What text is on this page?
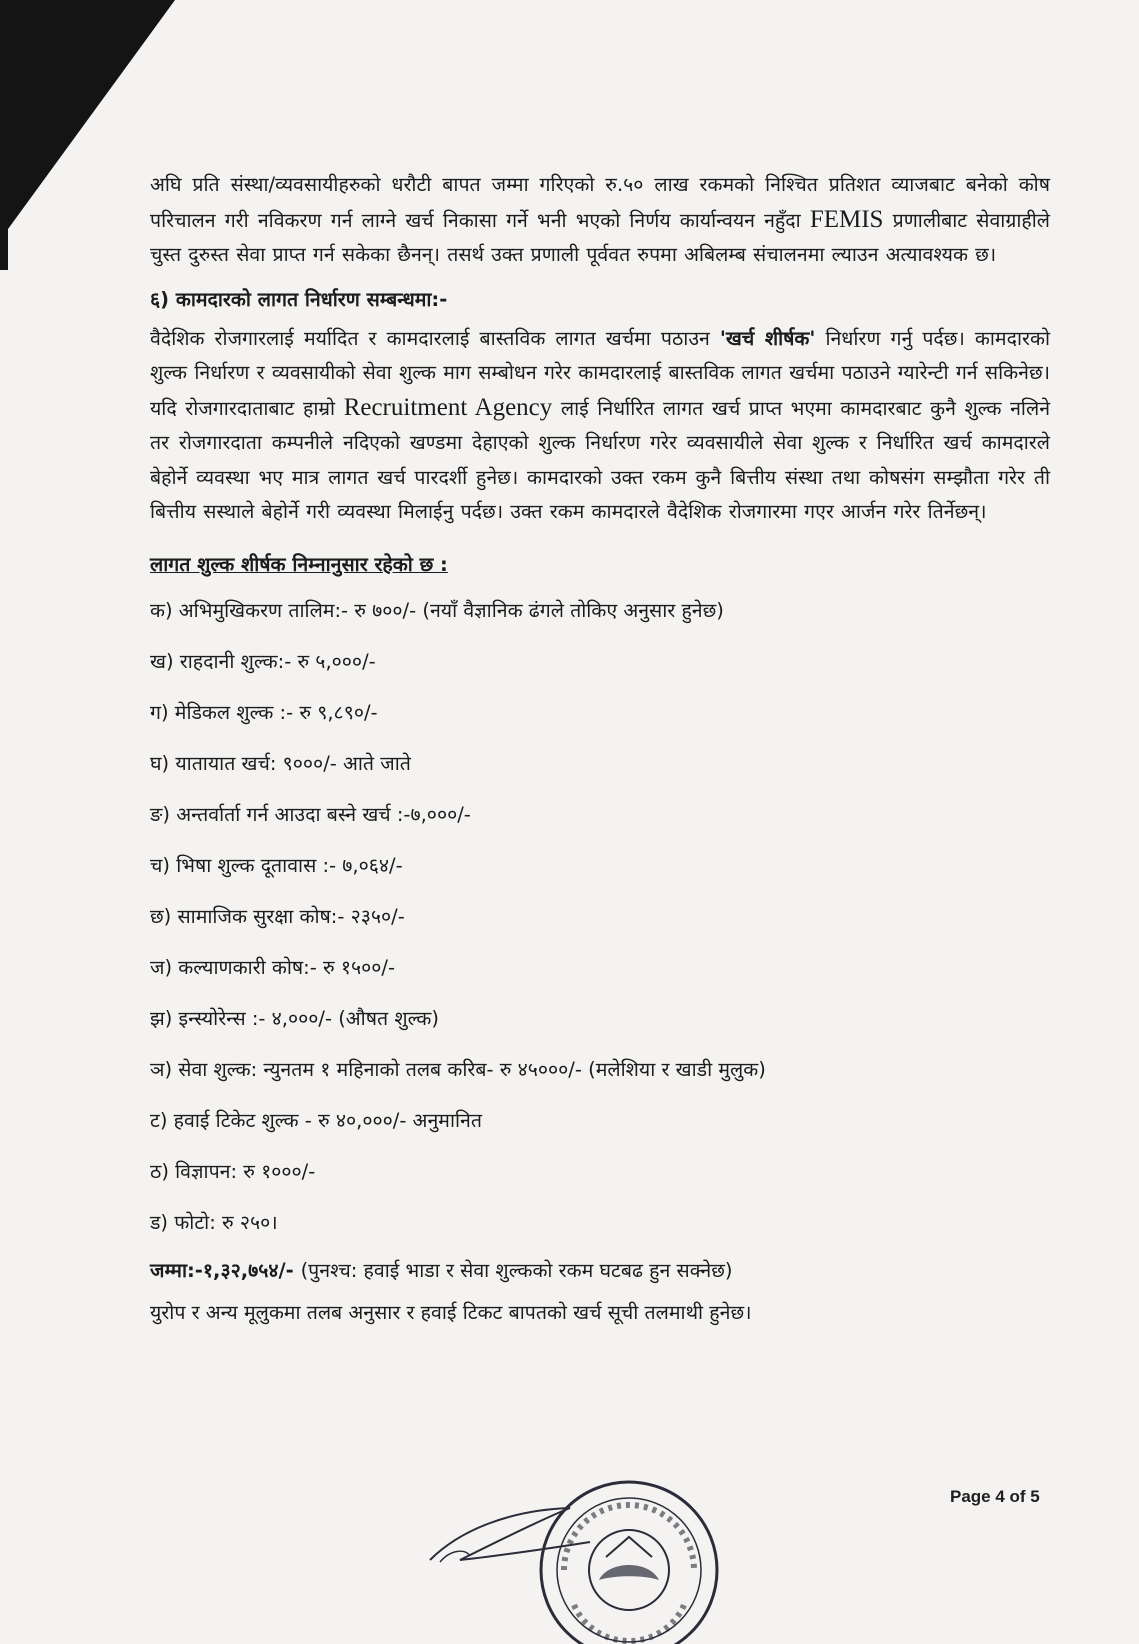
अघि प्रति संस्था/व्यवसायीहरुको धरौटी बापत जम्मा गरिएको रु.५० लाख रकमको निश्चित प्रतिशत व्याजबाट बनेको कोष परिचालन गरी नविकरण गर्न लाग्ने खर्च निकासा गर्ने भनी भएको निर्णय कार्यान्वयन नहुँदा FEMIS प्रणालीबाट सेवाग्राहीले चुस्त दुरुस्त सेवा प्राप्त गर्न सकेका छैनन्। तसर्थ उक्त प्रणाली पूर्ववत रुपमा अबिलम्ब संचालनमा ल्याउन अत्यावश्यक छ।

६) कामदारको लागत निर्धारण सम्बन्धमा:-

वैदेशिक रोजगारलाई मर्यादित र कामदारलाई बास्तविक लागत खर्चमा पठाउन 'खर्च शीर्षक' निर्धारण गर्नु पर्दछ। कामदारको शुल्क निर्धारण र व्यवसायीको सेवा शुल्क माग सम्बोधन गरेर कामदारलाई बास्तविक लागत खर्चमा पठाउने ग्यारेन्टी गर्न सकिनेछ। यदि रोजगारदाताबाट हाम्रो Recruitment Agency लाई निर्धारित लागत खर्च प्राप्त भएमा कामदारबाट कुनै शुल्क नलिने तर रोजगारदाता कम्पनीले नदिएको खण्डमा देहाएको शुल्क निर्धारण गरेर व्यवसायीले सेवा शुल्क र निर्धारित खर्च कामदारले बेहोर्ने व्यवस्था भए मात्र लागत खर्च पारदर्शी हुनेछ। कामदारको उक्त रकम कुनै बित्तीय संस्था तथा कोषसंग सम्झौता गरेर ती बित्तीय सस्थाले बेहोर्ने गरी व्यवस्था मिलाईनु पर्दछ। उक्त रकम कामदारले वैदेशिक रोजगारमा गएर आर्जन गरेर तिर्नेछन्।

लागत शुल्क शीर्षक निम्नानुसार रहेको छ :
क) अभिमुखिकरण तालिम:- रु ७००/- (नयाँ वैज्ञानिक ढंगले तोकिए अनुसार हुनेछ)
ख) राहदानी शुल्क:- रु ५,०००/-
ग) मेडिकल शुल्क :- रु ९,८९०/-
घ) यातायात खर्च: ९०००/- आते जाते
ङ) अन्तर्वार्ता गर्न आउदा बस्ने खर्च :-७,०००/-
च) भिषा शुल्क दूतावास :- ७,०६४/-
छ) सामाजिक सुरक्षा कोष:- २३५०/-
ज) कल्याणकारी कोष:- रु १५००/-
झ) इन्स्योरेन्स :- ४,०००/- (औषत शुल्क)
ञ) सेवा शुल्क: न्युनतम १ महिनाको तलब करिब- रु ४५०००/- (मलेशिया र खाडी मुलुक)
ट) हवाई टिकेट शुल्क - रु ४०,०००/- अनुमानित
ठ) विज्ञापन: रु १०००/-
ड) फोटो: रु २५०।

जम्मा:-१,३२,७५४/- (पुनश्च: हवाई भाडा र सेवा शुल्कको रकम घटबढ हुन सक्नेछ)

युरोप र अन्य मूलुकमा तलब अनुसार र हवाई टिकट बापतको खर्च सूची तलमाथी हुनेछ।

Page 4 of 5
